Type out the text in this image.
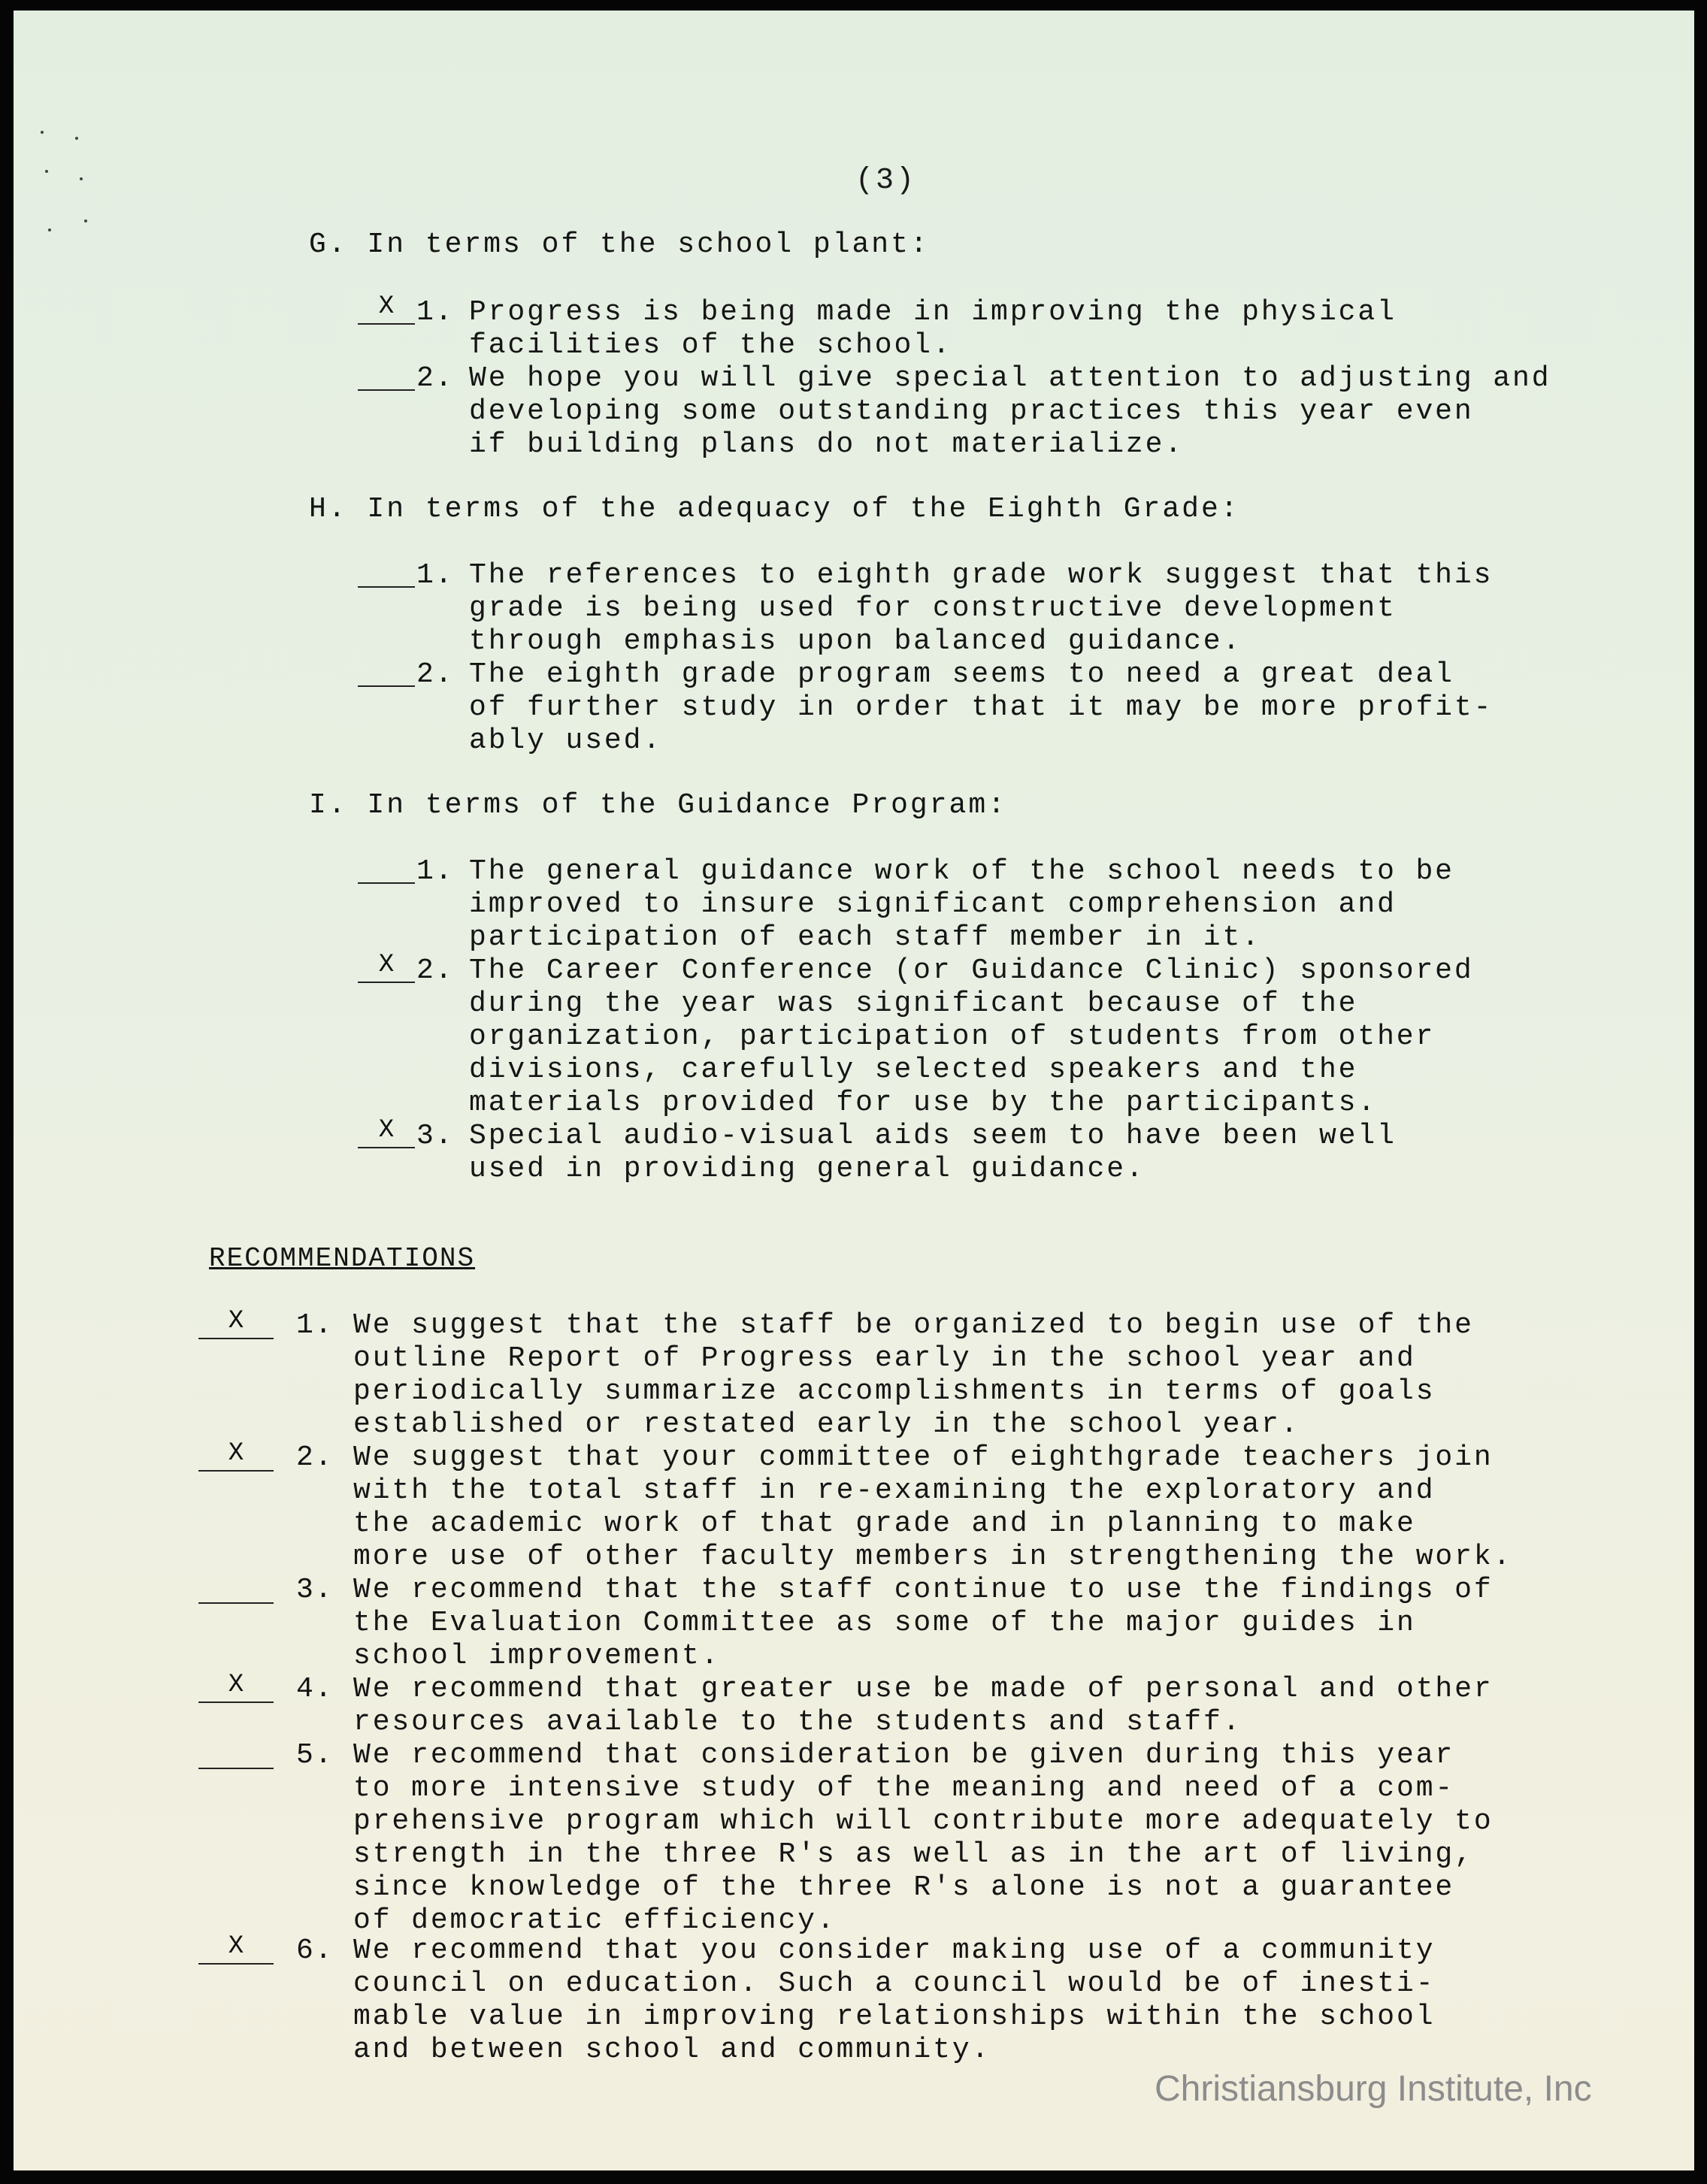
(3)
G. In terms of the school plant:
X 1. Progress is being made in improving the physical
facilities of the school.
2. We hope you will give special attention to adjusting and
developing some outstanding practices this year even
if building plans do not materialize.
H. In terms of the adequacy of the Eighth Grade:
1. The references to eighth grade work suggest that this
grade is being used for constructive development
through emphasis upon balanced guidance.
2. The eighth grade program seems to need a great deal
of further study in order that it may be more profit-
ably used.
I. In terms of the Guidance Program:
1. The general guidance work of the school needs to be
improved to insure significant comprehension and
participation of each staff member in it.
X 2. The Career Conference (or Guidance Clinic) sponsored
during the year was significant because of the
organization, participation of students from other
divisions, carefully selected speakers and the
materials provided for use by the participants.
X 3. Special audio-visual aids seem to have been well
used in providing general guidance.
RECOMMENDATIONS
X	1. We suggest that the staff be organized to begin use of the
outline Report of Progress early in the school year and
periodically summarize accomplishments in terms of goals
established or restated early in the school year.
X	2. We suggest that your committee of eighthgrade teachers join
with the total staff in re-examining the exploratory and
the academic work of that grade and in planning to make
more use of other faculty members in strengthening the work.
3. We recommend that the staff continue to use the findings of
the Evaluation Committee as some of the major guides in
school improvement.
X	4. We recommend that greater use be made of personal and other
resources available to the students and staff.
5. We recommend that consideration be given during this year
to more intensive study of the meaning and need of a com-
prehensive program which will contribute more adequately to
strength in the three R's as well as in the art of living,
since knowledge of the three R's alone is not a guarantee
of democratic efficiency.
X	6. We recommend that you consider making use of a community
council on education. Such a council would be of inesti-
mable value in improving relationships within the school
and between school and community.
Christiansburg Institute, Inc
